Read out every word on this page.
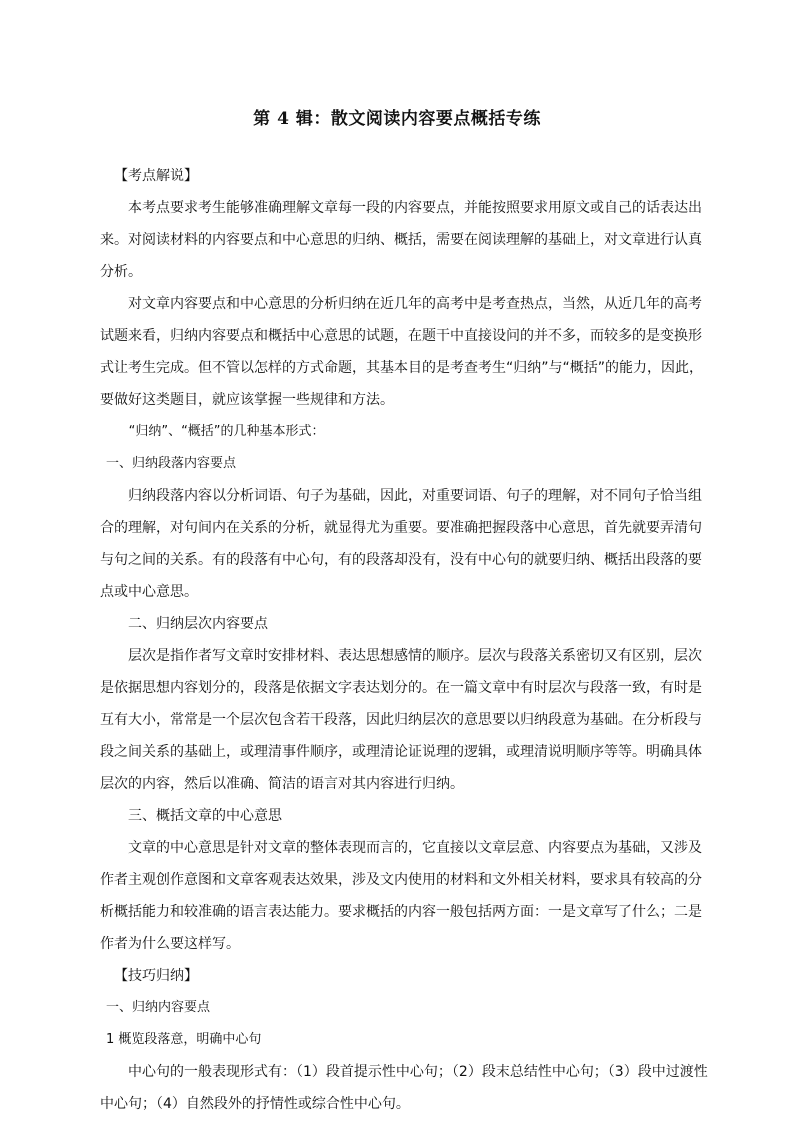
第 4 辑：散文阅读内容要点概括专练

【考点解说】

本考点要求考生能够准确理解文章每一段的内容要点，并能按照要求用原文或自己的话表达出来。对阅读材料的内容要点和中心意思的归纳、概括，需要在阅读理解的基础上，对文章进行认真分析。

对文章内容要点和中心意思的分析归纳在近几年的高考中是考查热点，当然，从近几年的高考试题来看，归纳内容要点和概括中心意思的试题，在题干中直接设问的并不多，而较多的是变换形式让考生完成。但不管以怎样的方式命题，其基本目的是考查考生“归纳”与“概括”的能力，因此，要做好这类题目，就应该掌握一些规律和方法。

“归纳”、“概括”的几种基本形式：

一、归纳段落内容要点

归纳段落内容以分析词语、句子为基础，因此，对重要词语、句子的理解，对不同句子恰当组合的理解，对句间内在关系的分析，就显得尤为重要。要准确把握段落中心意思，首先就要弄清句与句之间的关系。有的段落有中心句，有的段落却没有，没有中心句的就要归纳、概括出段落的要点或中心意思。

二、归纳层次内容要点

层次是指作者写文章时安排材料、表达思想感情的顺序。层次与段落关系密切又有区别，层次是依据思想内容划分的，段落是依据文字表达划分的。在一篇文章中有时层次与段落一致，有时是互有大小，常常是一个层次包含若干段落，因此归纳层次的意思要以归纳段意为基础。在分析段与段之间关系的基础上，或理清事件顺序，或理清论证说理的逻辑，或理清说明顺序等等。明确具体层次的内容，然后以准确、简洁的语言对其内容进行归纳。

三、概括文章的中心意思

文章的中心意思是针对文章的整体表现而言的，它直接以文章层意、内容要点为基础，又涉及作者主观创作意图和文章客观表达效果，涉及文内使用的材料和文外相关材料，要求具有较高的分析概括能力和较准确的语言表达能力。要求概括的内容一般包括两方面：一是文章写了什么；二是作者为什么要这样写。

【技巧归纳】

一、归纳内容要点

1 概览段落意，明确中心句

中心句的一般表现形式有：（1）段首提示性中心句；（2）段末总结性中心句；（3）段中过渡性中心句；（4）自然段外的抒情性或综合性中心句。
